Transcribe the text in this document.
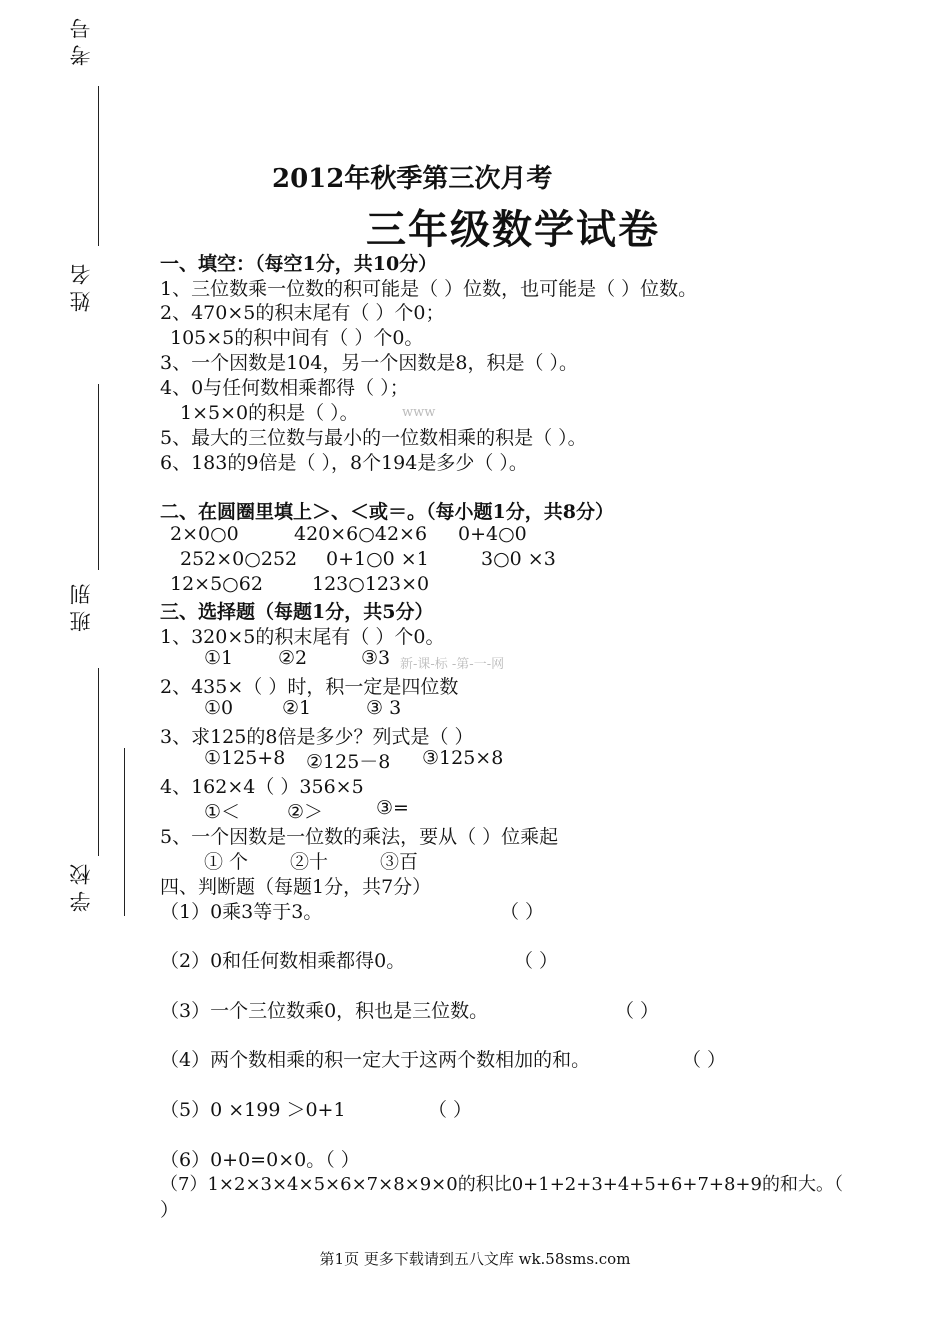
考号
姓名
班别
学校
2012年秋季第三次月考
三年级数学试卷
一、填空：（每空1分，共10分）
1、三位数乘一位数的积可能是（ ）位数，也可能是（ ）位数。
2、470×5的积末尾有（ ）个0；
105×5的积中间有（ ）个0。
3、一个因数是104，另一个因数是8，积是（ ）。
4、0与任何数相乘都得（ ）；
1×5×0的积是（ ）。	www
5、最大的三位数与最小的一位数相乘的积是（ ）。
6、183的9倍是（ ），8个194是多少（ ）。
二、在圆圈里填上＞、＜或＝。（每小题1分，共8分）
2×0○0	420×6○42×6 0+4○0
252×0○252 0+1○0 ×1	3○0 ×3
12×5○62	123○123×0
三、选择题（每题1分，共5分）
1、320×5的积末尾有（ ）个0。
①1 ②2	③3 新-课-标 -第-一-网
2、435×（ ）时，积一定是四位数
①0	②1	③ 3
3、求125的8倍是多少？列式是（ ）
①125+8 ②125－8 ③125×8
4、162×4（ ）356×5
①＜ ②＞	③=
5、一个因数是一位数的乘法，要从（ ）位乘起
① 个 ②十	③百
四、判断题（每题1分，共7分）
（1）0乘3等于3。	（ ）
（2）0和任何数相乘都得0。	（ ）
（3）一个三位数乘0，积也是三位数。	（ ）
（4）两个数相乘的积一定大于这两个数相加的和。	（ ）
（5）0 ×199 ＞0+1	（ ）
（6）0+0=0×0。（ ）
（7）1×2×3×4×5×6×7×8×9×0的积比0+1+2+3+4+5+6+7+8+9的和大。（
）
第1页 更多下载请到五八文库 wk.58sms.com
